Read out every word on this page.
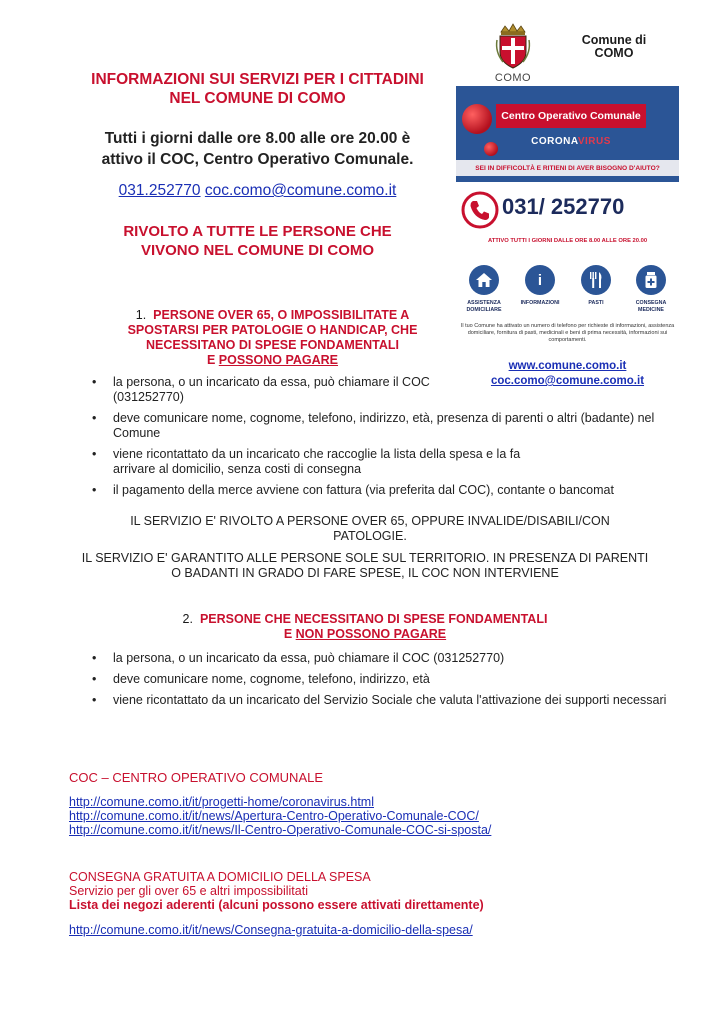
INFORMAZIONI SUI SERVIZI PER I CITTADINI
NEL COMUNE DI COMO
Tutti i giorni dalle ore 8.00 alle ore 20.00 è
attivo il COC, Centro Operativo Comunale.
031.252770 coc.como@comune.como.it
RIVOLTO A TUTTE LE PERSONE CHE
VIVONO NEL COMUNE DI COMO
COMO
Comune di
COMO
Centro Operativo Comunale
CORONAVIRUS
SEI IN DIFFICOLTÀ E RITIENI DI AVER BISOGNO D'AIUTO?
031/ 252770
ATTIVO TUTTI I GIORNI DALLE ORE 8.00 ALLE ORE 20.00
ASSISTENZA
DOMICILIARE
i
INFORMAZIONI	PASTI	CONSEGNA
MEDICINE
Il tuo Comune ha attivato un numero di telefono per richieste di informazioni, assistenza domiciliare, fornitura di pasti, medicinali e beni di prima necessità, informazioni sui comportamenti.
www.comune.como.it
coc.como@comune.como.it
1. PERSONE OVER 65, O IMPOSSIBILITATE A
SPOSTARSI PER PATOLOGIE O HANDICAP, CHE
NECESSITANO DI SPESE FONDAMENTALI
E POSSONO PAGARE
• la persona, o un incaricato da essa, può chiamare il COC (031252770)
• deve comunicare nome, cognome, telefono, indirizzo, età, presenza di parenti o altri (badante) nel Comune
• viene ricontattato da un incaricato che raccoglie la lista della spesa e la fa arrivare al domicilio, senza costi di consegna
• il pagamento della merce avviene con fattura (via preferita dal COC), contante o bancomat
IL SERVIZIO E' RIVOLTO A PERSONE OVER 65, OPPURE INVALIDE/DISABILI/CON PATOLOGIE.
IL SERVIZIO E' GARANTITO ALLE PERSONE SOLE SUL TERRITORIO. IN PRESENZA DI PARENTI O BADANTI IN GRADO DI FARE SPESE, IL COC NON INTERVIENE
2. PERSONE CHE NECESSITANO DI SPESE FONDAMENTALI
E NON POSSONO PAGARE
• la persona, o un incaricato da essa, può chiamare il COC (031252770)
• deve comunicare nome, cognome, telefono, indirizzo, età
• viene ricontattato da un incaricato del Servizio Sociale che valuta l'attivazione dei supporti necessari
COC – CENTRO OPERATIVO COMUNALE
http://comune.como.it/it/progetti-home/coronavirus.html
http://comune.como.it/it/news/Apertura-Centro-Operativo-Comunale-COC/
http://comune.como.it/it/news/Il-Centro-Operativo-Comunale-COC-si-sposta/
CONSEGNA GRATUITA A DOMICILIO DELLA SPESA
Servizio per gli over 65 e altri impossibilitati
Lista dei negozi aderenti (alcuni possono essere attivati direttamente)
http://comune.como.it/it/news/Consegna-gratuita-a-domicilio-della-spesa/
